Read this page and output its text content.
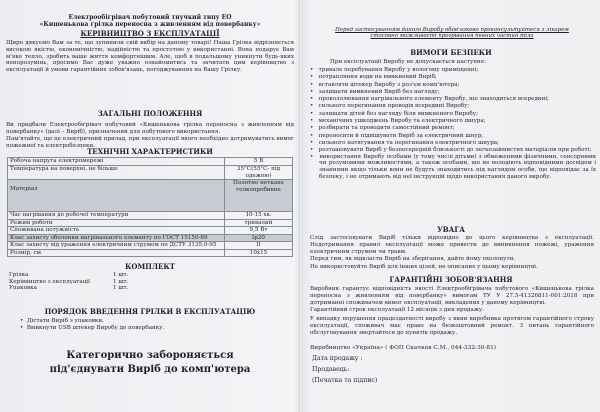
Електрообігрівач побутовий тнучкий типу ЕО
«Кишенькова грілка переносна з живленням від повербанку»
КЕРІВНИЦТВО З ЕКСПЛУАТАЦІЇ
Щиро дякуємо Вам за те, що зупинили свій вибір на даному товарі! Наша Грілка відрізняється високою якістю, економічністю, надійністю та простотою у використанні. Вона подарує Вам м'яке тепло, зробить ваше життя комфортнішим. Але, щоб в подальшому уникнути будь-яких непорозумінь, просимо Вас дуже уважно ознайомитись та зачитати цим керівництво з експлуатації й умови гарантійних зобов'язань, погоджуванних на Вашу Грілку.
ЗАГАЛЬНІ ПОЛОЖЕННЯ
Ви придбали Електрообігрівач побутовий «Кишенькова грілка переносна з живленням від повербанку» (далі – Виріб), призначений для побутового використання.
Пам'ятайте, що це електричний прилад, при експлуатації якого необхідно дотримуватись вимог пожежної та електробезпеки.
ТЕХНІЧНІ ХАРАКТЕРИСТИКИ
Робоча напруга електромережі	5 В
Температура на поверхні, не більше	35°С(55°С- під одежою)
Матеріал	Полотно нетканє голкопробивне
Час нагрівання до робочої температури	10-15 хв.
Режим роботи	тривалий
Споживана потужність	9,5 Вт
Клас захисту оболонки нагрівального елементу по ГОСТ 15150-69	Ip20
Клас захисту від ураження електричним струмом по ДСТУ 3135.0-95	II
Розмір, см	10x15
КОМПЛЕКТ
Грілка	1 шт.
Керівництво з експлуатації	1 шт.
Упаковка	1 шт.
ПОРЯДОК ВВЕДЕННЯ ГРІЛКИ В ЕКСПЛУАТАЦІЮ
•  Дістати Виріб з упаковки.
•  Вмикнути USB штекер Виробу до повербанку.
Категорично забороняється
під'єднувати Виріб до комп'ютера
Перед застосуванням даного Виробу обов'язково проконсультуйтеся з лікарем стосовно можливості прогрівання певних частин тіла
ВИМОГИ БЕЗПЕКИ
При експлуатації Виробу не допускається наступне:
•   тривале перебування Виробу у вологому приміщенні;
•   потрапляння води на вмикнений Виріб;
•   вставляти штекер Виробу з роз'єм комп'ютера;
•   залишати вимкнений Виріб без нагляду;
•   прокололювання нагрівального елементу Виробу, що знаходиться всередині;
•   сильного перегинання проводів всередині Виробу;
•   залишати дітей без нагляду біля вимкненого Виробу;
•   механічних ушкоджень Виробу та електричного шнура;
•   розбирати та проводити самостійний ремонт;
•   переносити й підвішувати Виріб за електричний шнур;
•   сильного натягування та перегинання електричного шнура;
•   розташовувати Виріб у безпосередній близькості до легкозаймистих матеріалів при роботі;
•   використання Виробу особами (у тому числі дітьми) з обмеженими фізичними, сенсорними чи розумовими можливостями, а також особами, що не володіють відповідними досвідом і знаннями якщо тільки вони не будуть знаходитись під наглядом особи, що відповідає за їх безпеку, і не отримають від неї інструкцій щодо використання даного виробу.
УВАГА
Слід застосовувати Виріб тільки відповідно до цього керівництва з експлуатації. Недотримання правил експлуатації може привести до виникнення пожежі, ураження електричним струмом чи травм.
Перед тим, як відкласти Виріб на зберігання, дайте йому охолонути.
Не використовуйте Виріб для інших цілей, не описаних у цьому керівництві.
ГАРАНТІЙНІ ЗОБОВ'ЯЗАННЯ
Виробник гарантує відповідність якості Електрообігрівача побутового «Кишенькова грілка переносна з живленням від повербанку» вимогам ТУ У 27.5-41326811-001:2018 при дотриманні споживачем вимог експлуатації, викладених у даному керівництві.
Гарантійний строк експлуатації 12 місяців з дня продажу.
У випадку порушення працездатності виробу з вини виробника протягом гарантійного строку експлуатації, споживач має право на безкоштовний ремонт. З питань гарантійного обслуговування звертайтеся до пунктів продажу.
Виробництво «Україна» ( ФОП Скачков С.М., 044-332-30-81)
Дата продажу :
Продавець:
(Печатка та підпис)
